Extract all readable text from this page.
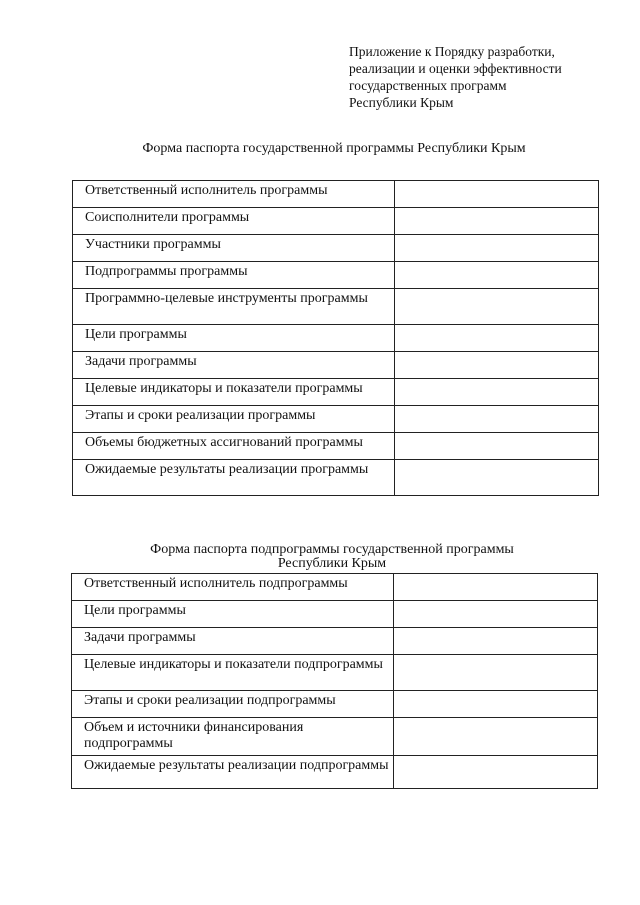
Приложение к Порядку разработки,
реализации и оценки эффективности
государственных программ
Республики Крым
Форма паспорта государственной программы Республики Крым
Ответственный исполнитель программы	
Соисполнители программы	
Участники программы	
Подпрограммы программы	
Программно-целевые инструменты программы	
Цели программы	
Задачи программы	
Целевые индикаторы и показатели программы	
Этапы и сроки реализации программы	
Объемы бюджетных ассигнований программы	
Ожидаемые результаты реализации программы	
Форма паспорта подпрограммы государственной программы
Республики Крым
Ответственный исполнитель подпрограммы	
Цели программы	
Задачи программы	
Целевые индикаторы и показатели подпрограммы	
Этапы и сроки реализации подпрограммы	
Объем и источники финансирования подпрограммы	
Ожидаемые результаты реализации подпрограммы	
